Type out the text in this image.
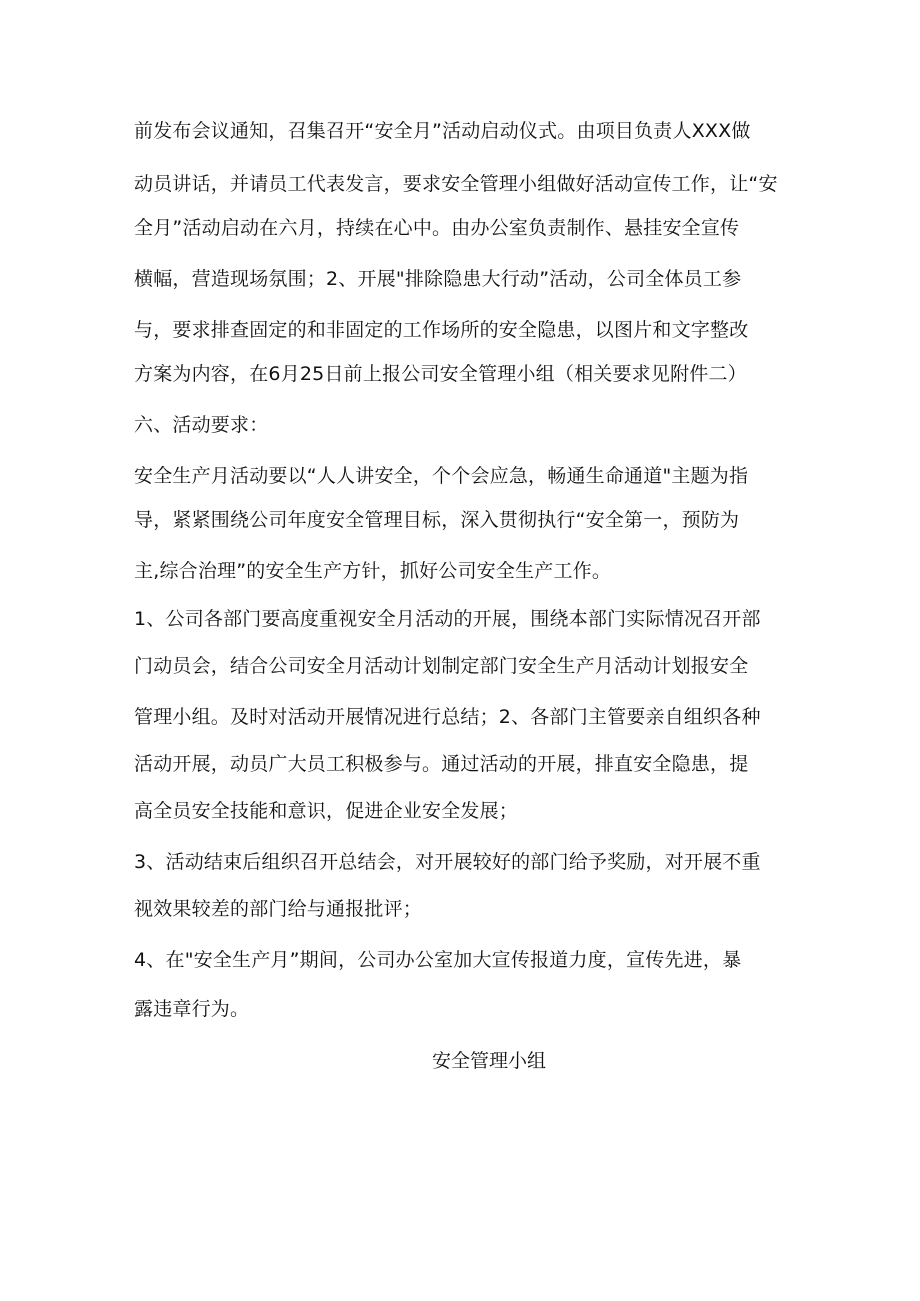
前发布会议通知，召集召开“安全月”活动启动仪式。由项目负责人XXX做
动员讲话，并请员工代表发言，要求安全管理小组做好活动宣传工作，让“安
全月”活动启动在六月，持续在心中。由办公室负责制作、悬挂安全宣传
横幅，营造现场氛围；2、开展"排除隐患大行动”活动，公司全体员工参
与，要求排查固定的和非固定的工作场所的安全隐患，以图片和文字整改
方案为内容，在6月25日前上报公司安全管理小组（相关要求见附件二）
六、活动要求：
安全生产月活动要以“人人讲安全，个个会应急，畅通生命通道"主题为指
导，紧紧围绕公司年度安全管理目标，深入贯彻执行“安全第一，预防为
主,综合治理”的安全生产方针，抓好公司安全生产工作。
1、公司各部门要高度重视安全月活动的开展，围绕本部门实际情况召开部
门动员会，结合公司安全月活动计划制定部门安全生产月活动计划报安全
管理小组。及时对活动开展情况进行总结；2、各部门主管要亲自组织各种
活动开展，动员广大员工积极参与。通过活动的开展，排直安全隐患，提
高全员安全技能和意识，促进企业安全发展；
3、活动结束后组织召开总结会，对开展较好的部门给予奖励，对开展不重
视效果较差的部门给与通报批评；
4、在"安全生产月”期间，公司办公室加大宣传报道力度，宣传先进，暴
露违章行为。
安全管理小组
